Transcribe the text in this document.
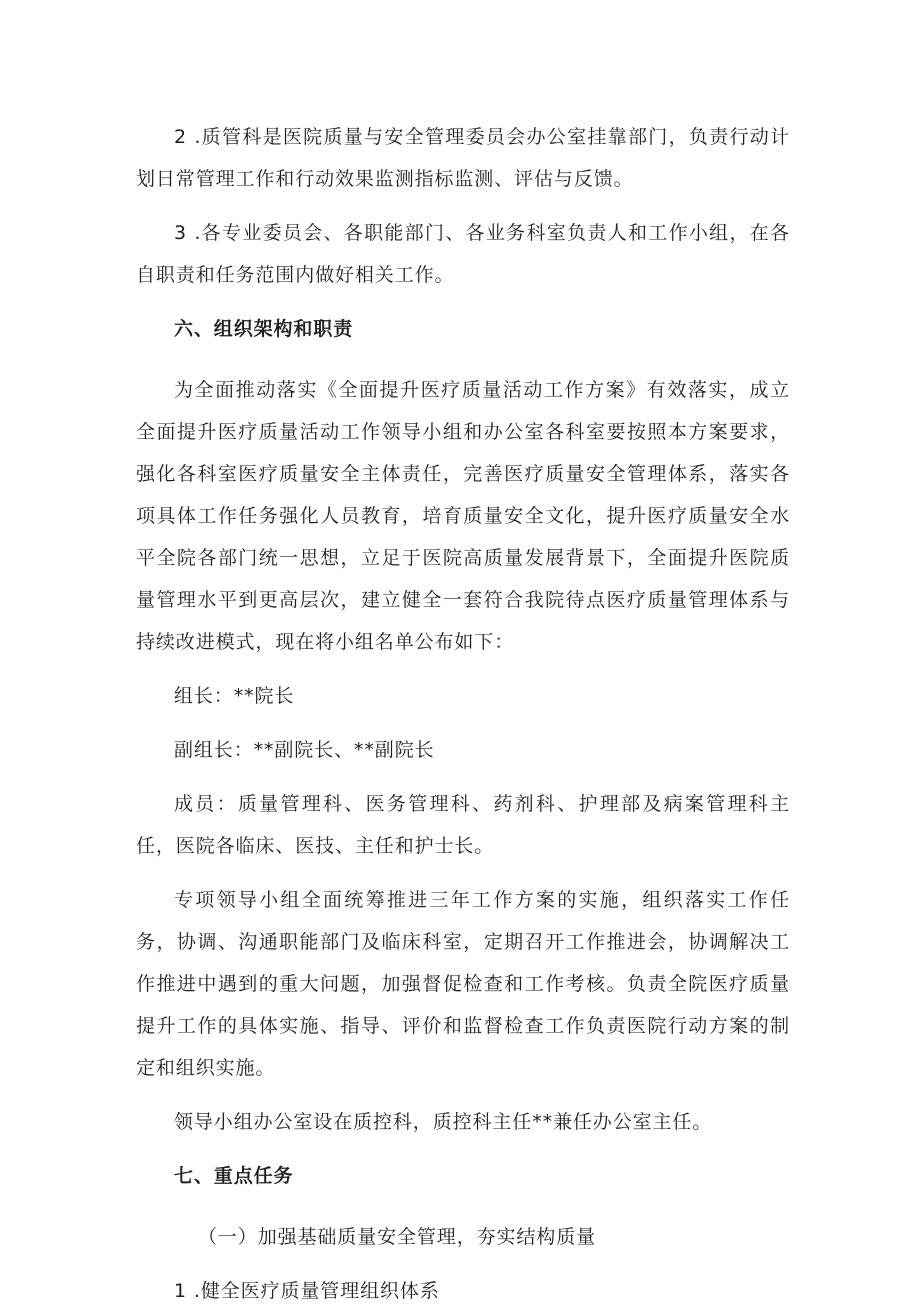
2 .质管科是医院质量与安全管理委员会办公室挂靠部门，负责行动计划日常管理工作和行动效果监测指标监测、评估与反馈。

3 .各专业委员会、各职能部门、各业务科室负责人和工作小组，在各自职责和任务范围内做好相关工作。

六、组织架构和职责

为全面推动落实《全面提升医疗质量活动工作方案》有效落实，成立全面提升医疗质量活动工作领导小组和办公室各科室要按照本方案要求，强化各科室医疗质量安全主体责任，完善医疗质量安全管理体系，落实各项具体工作任务强化人员教育，培育质量安全文化，提升医疗质量安全水平全院各部门统一思想，立足于医院高质量发展背景下，全面提升医院质量管理水平到更高层次，建立健全一套符合我院待点医疗质量管理体系与持续改进模式，现在将小组名单公布如下：

组长：**院长

副组长：**副院长、**副院长

成员：质量管理科、医务管理科、药剂科、护理部及病案管理科主任，医院各临床、医技、主任和护士长。

专项领导小组全面统筹推进三年工作方案的实施，组织落实工作任务，协调、沟通职能部门及临床科室，定期召开工作推进会，协调解决工作推进中遇到的重大问题，加强督促检查和工作考核。负责全院医疗质量提升工作的具体实施、指导、评价和监督检查工作负责医院行动方案的制定和组织实施。

领导小组办公室设在质控科，质控科主任**兼任办公室主任。

七、重点任务

（一）加强基础质量安全管理，夯实结构质量

1 .健全医疗质量管理组织体系
